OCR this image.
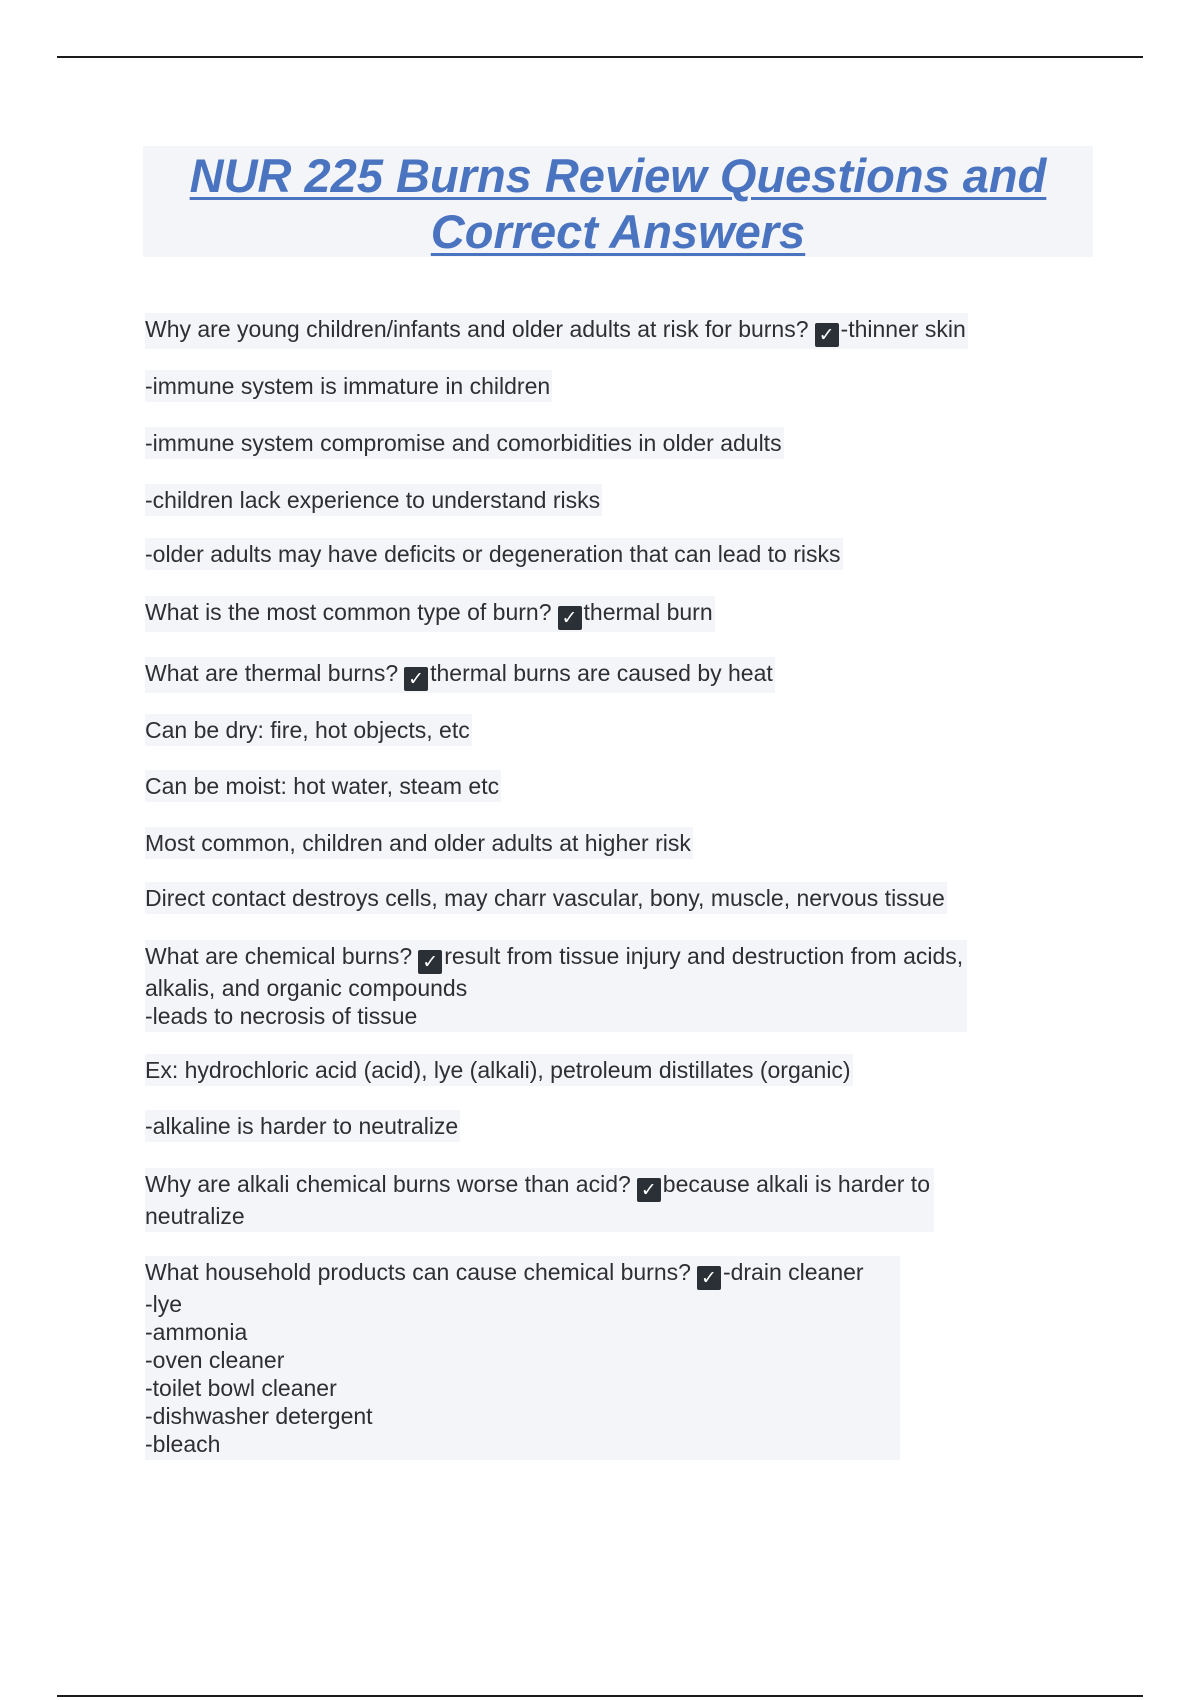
NUR 225 Burns Review Questions and
Correct Answers
Why are young children/infants and older adults at risk for burns? ✓ -thinner skin
-immune system is immature in children
-immune system compromise and comorbidities in older adults
-children lack experience to understand risks
-older adults may have deficits or degeneration that can lead to risks
What is the most common type of burn? ✓ thermal burn
What are thermal burns? ✓ thermal burns are caused by heat
Can be dry: fire, hot objects, etc
Can be moist: hot water, steam etc
Most common, children and older adults at higher risk
Direct contact destroys cells, may charr vascular, bony, muscle, nervous tissue
What are chemical burns? ✓ result from tissue injury and destruction from acids,
alkalis, and organic compounds
-leads to necrosis of tissue
Ex: hydrochloric acid (acid), lye (alkali), petroleum distillates (organic)
-alkaline is harder to neutralize
Why are alkali chemical burns worse than acid? ✓ because alkali is harder to
neutralize
What household products can cause chemical burns? ✓ -drain cleaner
-lye
-ammonia
-oven cleaner
-toilet bowl cleaner
-dishwasher detergent
-bleach
